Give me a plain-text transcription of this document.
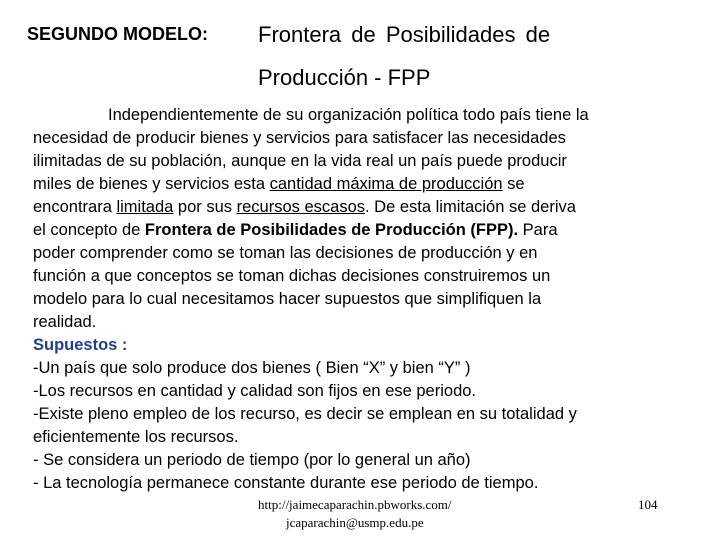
SEGUNDO MODELO: Frontera de Posibilidades de
Producción - FPP
Independientemente de su organización política todo país tiene la
necesidad de producir bienes y servicios para satisfacer las necesidades
ilimitadas de su población, aunque en la vida real un país puede producir
miles de bienes y servicios esta cantidad máxima de producción se
encontrara limitada por sus recursos escasos. De esta limitación se deriva
el concepto de Frontera de Posibilidades de Producción (FPP). Para
poder comprender como se toman las decisiones de producción y en
función a que conceptos se toman dichas decisiones construiremos un
modelo para lo cual necesitamos hacer supuestos que simplifiquen la
realidad.
Supuestos :
-Un país que solo produce dos bienes ( Bien “X” y bien “Y” )
-Los recursos en cantidad y calidad son fijos en ese periodo.
-Existe pleno empleo de los recurso, es decir se emplean en su totalidad y
eficientemente los recursos.
- Se considera un periodo de tiempo (por lo general un año)
- La tecnología permanece constante durante ese periodo de tiempo.
http://jaimecaparachin.pbworks.com/
jcaparachin@usmp.edu.pe
104
